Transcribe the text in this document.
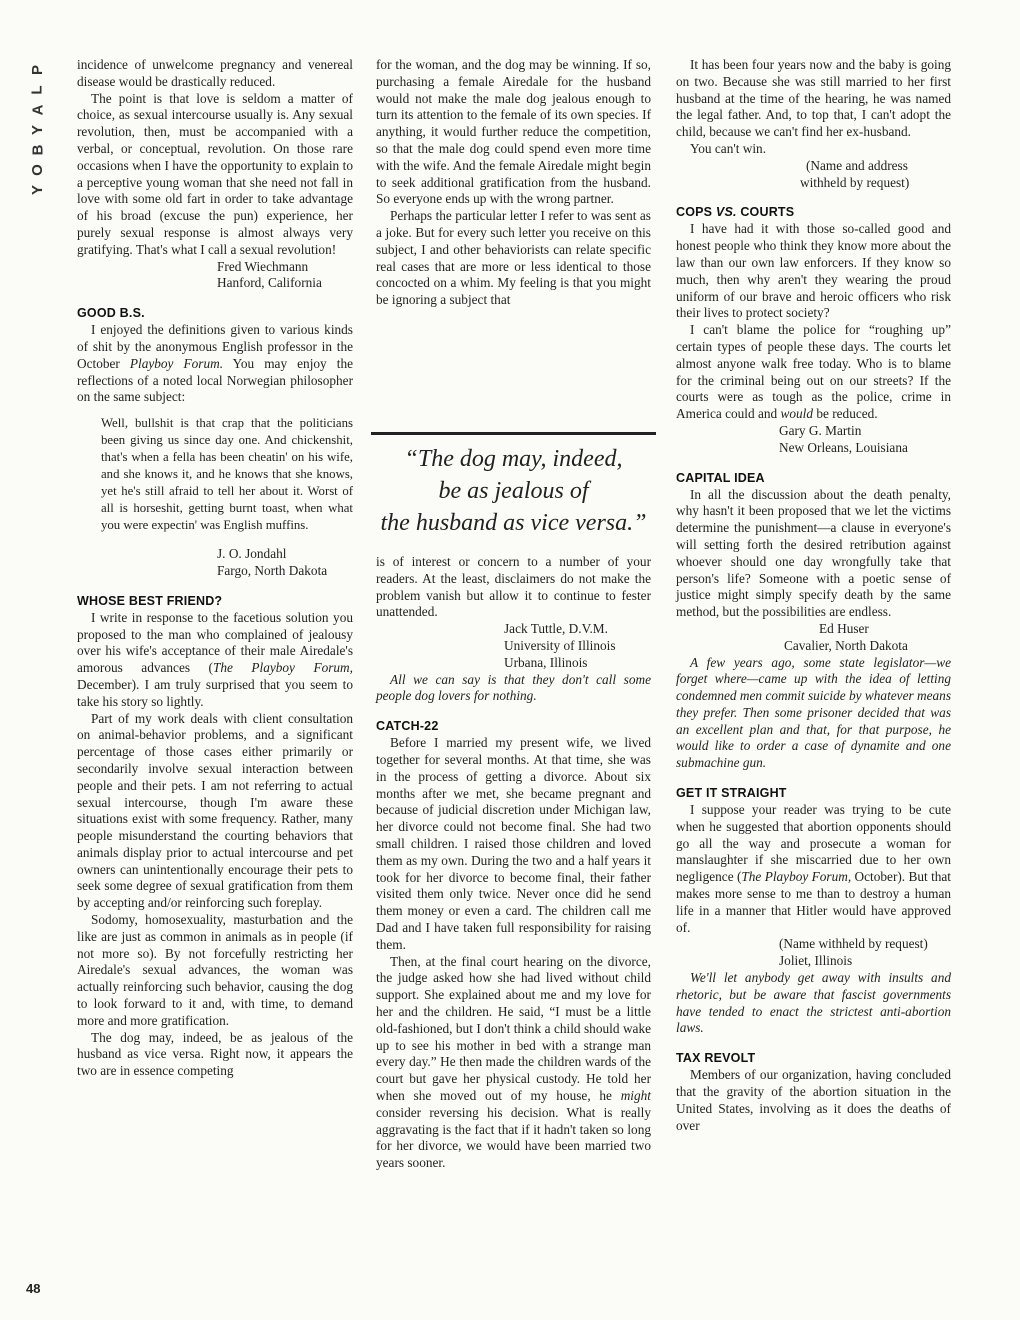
P
L
A
Y
B
O
Y
48

incidence of unwelcome pregnancy and venereal disease would be drastically reduced.

The point is that love is seldom a matter of choice, as sexual intercourse usually is. Any sexual revolution, then, must be accompanied with a verbal, or conceptual, revolution. On those rare occasions when I have the opportunity to explain to a perceptive young woman that she need not fall in love with some old fart in order to take advantage of his broad (excuse the pun) experience, her purely sexual response is almost always very gratifying. That's what I call a sexual revolution!

Fred Wiechmann
Hanford, California
GOOD B.S.

I enjoyed the definitions given to various kinds of shit by the anonymous English professor in the October Playboy Forum. You may enjoy the reflections of a noted local Norwegian philosopher on the same subject:

Well, bullshit is that crap that the politicians been giving us since day one. And chickenshit, that's when a fella has been cheatin' on his wife, and she knows it, and he knows that she knows, yet he's still afraid to tell her about it. Worst of all is horseshit, getting burnt toast, when what you were expectin' was English muffins.
J. O. Jondahl
Fargo, North Dakota
WHOSE BEST FRIEND?

I write in response to the facetious solution you proposed to the man who complained of jealousy over his wife's acceptance of their male Airedale's amorous advances (The Playboy Forum, December). I am truly surprised that you seem to take his story so lightly.

Part of my work deals with client consultation on animal-behavior problems, and a significant percentage of those cases either primarily or secondarily involve sexual interaction between people and their pets. I am not referring to actual sexual intercourse, though I'm aware these situations exist with some frequency. Rather, many people misunderstand the courting behaviors that animals display prior to actual intercourse and pet owners can unintentionally encourage their pets to seek some degree of sexual gratification from them by accepting and/or reinforcing such foreplay.

Sodomy, homosexuality, masturbation and the like are just as common in animals as in people (if not more so). By not forcefully restricting her Airedale's sexual advances, the woman was actually reinforcing such behavior, causing the dog to look forward to it and, with time, to demand more and more gratification.

The dog may, indeed, be as jealous of the husband as vice versa. Right now, it appears the two are in essence competing

for the woman, and the dog may be winning. If so, purchasing a female Airedale for the husband would not make the male dog jealous enough to turn its attention to the female of its own species. If anything, it would further reduce the competition, so that the male dog could spend even more time with the wife. And the female Airedale might begin to seek additional gratification from the husband. So everyone ends up with the wrong partner.

Perhaps the particular letter I refer to was sent as a joke. But for every such letter you receive on this subject, I and other behaviorists can relate specific real cases that are more or less identical to those concocted on a whim. My feeling is that you might be ignoring a subject that

“The dog may, indeed,
be as jealous of
the husband as vice versa.”

is of interest or concern to a number of your readers. At the least, disclaimers do not make the problem vanish but allow it to continue to fester unattended.

Jack Tuttle, D.V.M.
University of Illinois
Urbana, Illinois

All we can say is that they don't call some people dog lovers for nothing.

CATCH-22

Before I married my present wife, we lived together for several months. At that time, she was in the process of getting a divorce. About six months after we met, she became pregnant and because of judicial discretion under Michigan law, her divorce could not become final. She had two small children. I raised those children and loved them as my own. During the two and a half years it took for her divorce to become final, their father visited them only twice. Never once did he send them money or even a card. The children call me Dad and I have taken full responsibility for raising them.

Then, at the final court hearing on the divorce, the judge asked how she had lived without child support. She explained about me and my love for her and the children. He said, “I must be a little old-fashioned, but I don't think a child should wake up to see his mother in bed with a strange man every day.” He then made the children wards of the court but gave her physical custody. He told her when she moved out of my house, he might consider reversing his decision. What is really aggravating is the fact that if it hadn't taken so long for her divorce, we would have been married two years sooner.

It has been four years now and the baby is going on two. Because she was still married to her first husband at the time of the hearing, he was named the legal father. And, to top that, I can't adopt the child, because we can't find her ex-husband.

You can't win.

(Name and address
withheld by request)
COPS VS. COURTS

I have had it with those so-called good and honest people who think they know more about the law than our own law enforcers. If they know so much, then why aren't they wearing the proud uniform of our brave and heroic officers who risk their lives to protect society?

I can't blame the police for “roughing up” certain types of people these days. The courts let almost anyone walk free today. Who is to blame for the criminal being out on our streets? If the courts were as tough as the police, crime in America could and would be reduced.

Gary G. Martin
New Orleans, Louisiana
CAPITAL IDEA

In all the discussion about the death penalty, why hasn't it been proposed that we let the victims determine the punishment—a clause in everyone's will setting forth the desired retribution against whoever should one day wrongfully take that person's life? Someone with a poetic sense of justice might simply specify death by the same method, but the possibilities are endless.

Ed Huser
Cavalier, North Dakota

A few years ago, some state legislator—we forget where—came up with the idea of letting condemned men commit suicide by whatever means they prefer. Then some prisoner decided that was an excellent plan and that, for that purpose, he would like to order a case of dynamite and one submachine gun.

GET IT STRAIGHT

I suppose your reader was trying to be cute when he suggested that abortion opponents should go all the way and prosecute a woman for manslaughter if she miscarried due to her own negligence (The Playboy Forum, October). But that makes more sense to me than to destroy a human life in a manner that Hitler would have approved of.

(Name withheld by request)
Joliet, Illinois

We'll let anybody get away with insults and rhetoric, but be aware that fascist governments have tended to enact the strictest anti-abortion laws.

TAX REVOLT

Members of our organization, having concluded that the gravity of the abortion situation in the United States, involving as it does the deaths of over
